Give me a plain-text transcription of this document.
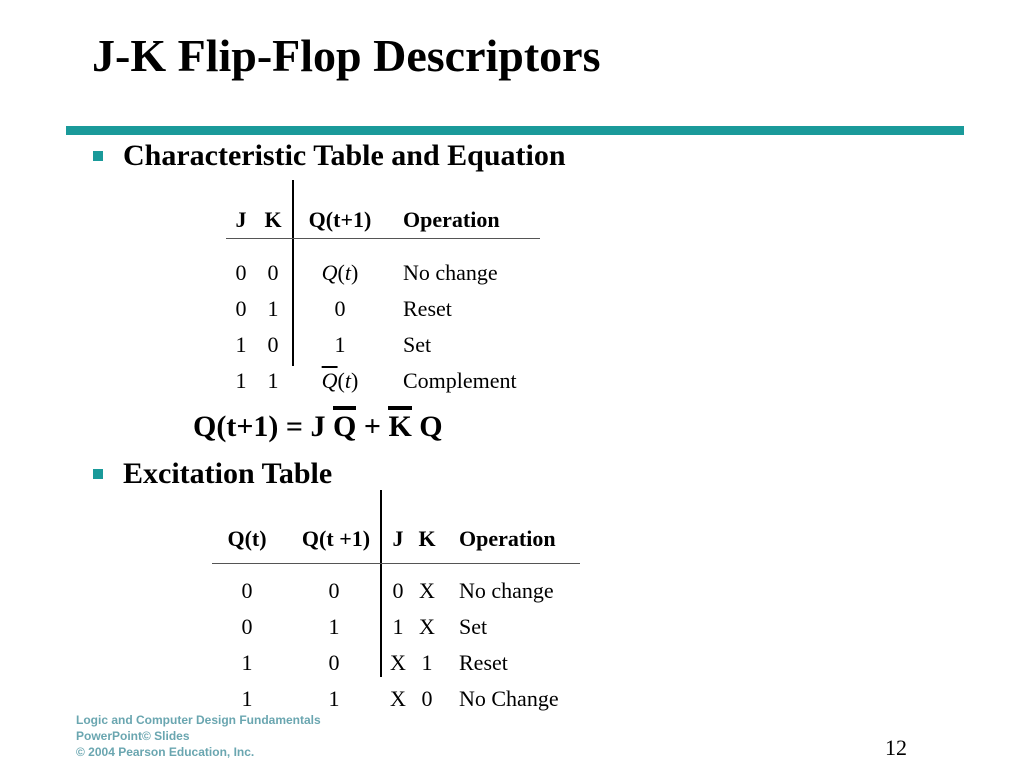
J-K Flip-Flop Descriptors
Characteristic Table and Equation
J K Q(t+1) Operation
0 0 Q(t) No change
0 1	0	Reset
1 0	1	Set
1 1 $\overline{Q}(t)$ Complement
Q(t+1) = J Q + K Q
Excitation Table
Q(t) Q(t +1) J K Operation
0	0 0 X No change
0	1 1 X Set
1	0 X 1 Reset
1	1 X 0 No Change
Logic and Computer Design Fundamentals
PowerPoint© Slides
© 2004 Pearson Education, Inc.	12
